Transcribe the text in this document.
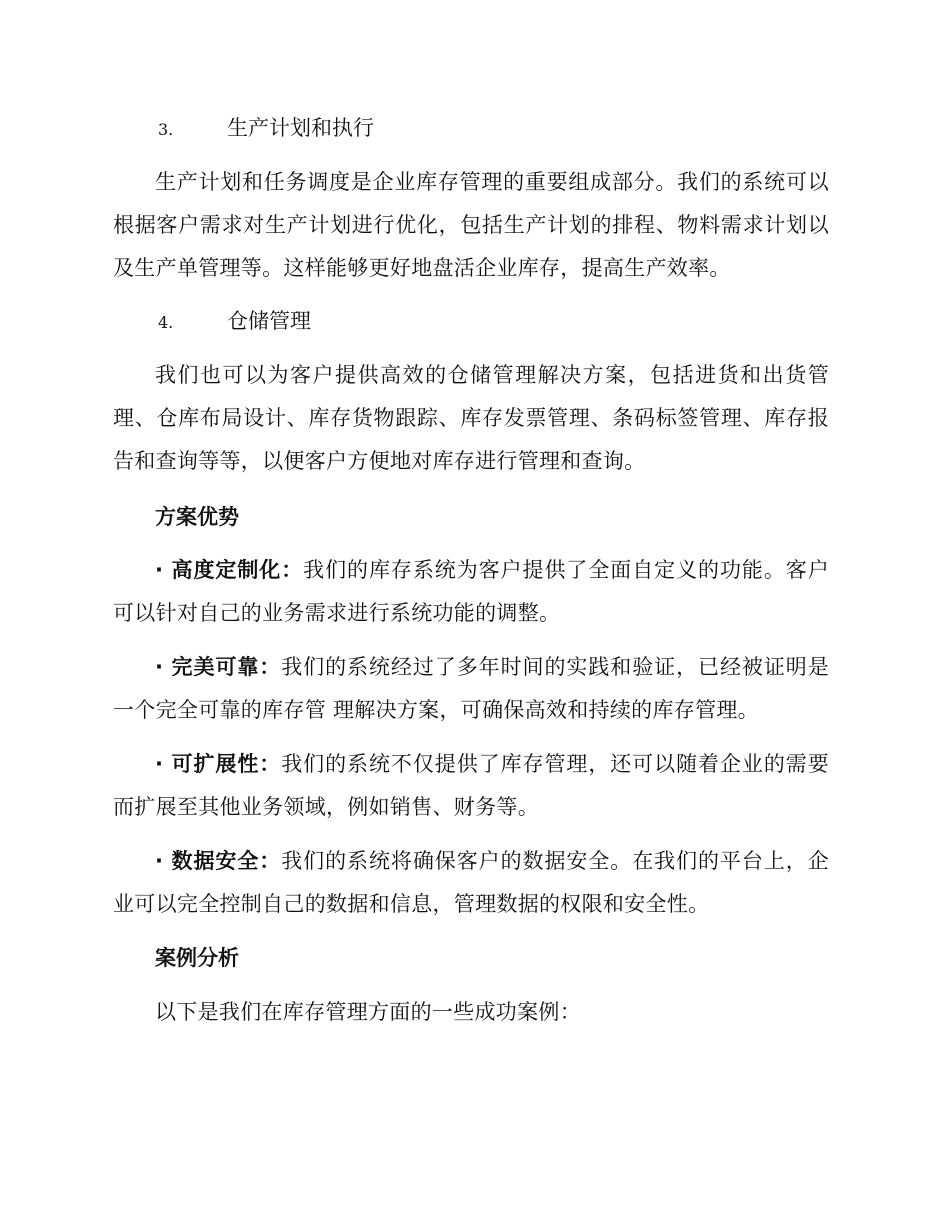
3.	生产计划和执行
生产计划和任务调度是企业库存管理的重要组成部分。我们的系统可以根据客户需求对生产计划进行优化，包括生产计划的排程、物料需求计划以及生产单管理等。这样能够更好地盘活企业库存，提高生产效率。
4.	仓储管理
我们也可以为客户提供高效的仓储管理解决方案，包括进货和出货管理、仓库布局设计、库存货物跟踪、库存发票管理、条码标签管理、库存报告和查询等等，以便客户方便地对库存进行管理和查询。
方案优势
· 高度定制化：我们的库存系统为客户提供了全面自定义的功能。客户可以针对自己的业务需求进行系统功能的调整。
· 完美可靠：我们的系统经过了多年时间的实践和验证，已经被证明是一个完全可靠的库存管 理解决方案，可确保高效和持续的库存管理。
· 可扩展性：我们的系统不仅提供了库存管理，还可以随着企业的需要而扩展至其他业务领域，例如销售、财务等。
· 数据安全：我们的系统将确保客户的数据安全。在我们的平台上，企业可以完全控制自己的数据和信息，管理数据的权限和安全性。
案例分析
以下是我们在库存管理方面的一些成功案例：
